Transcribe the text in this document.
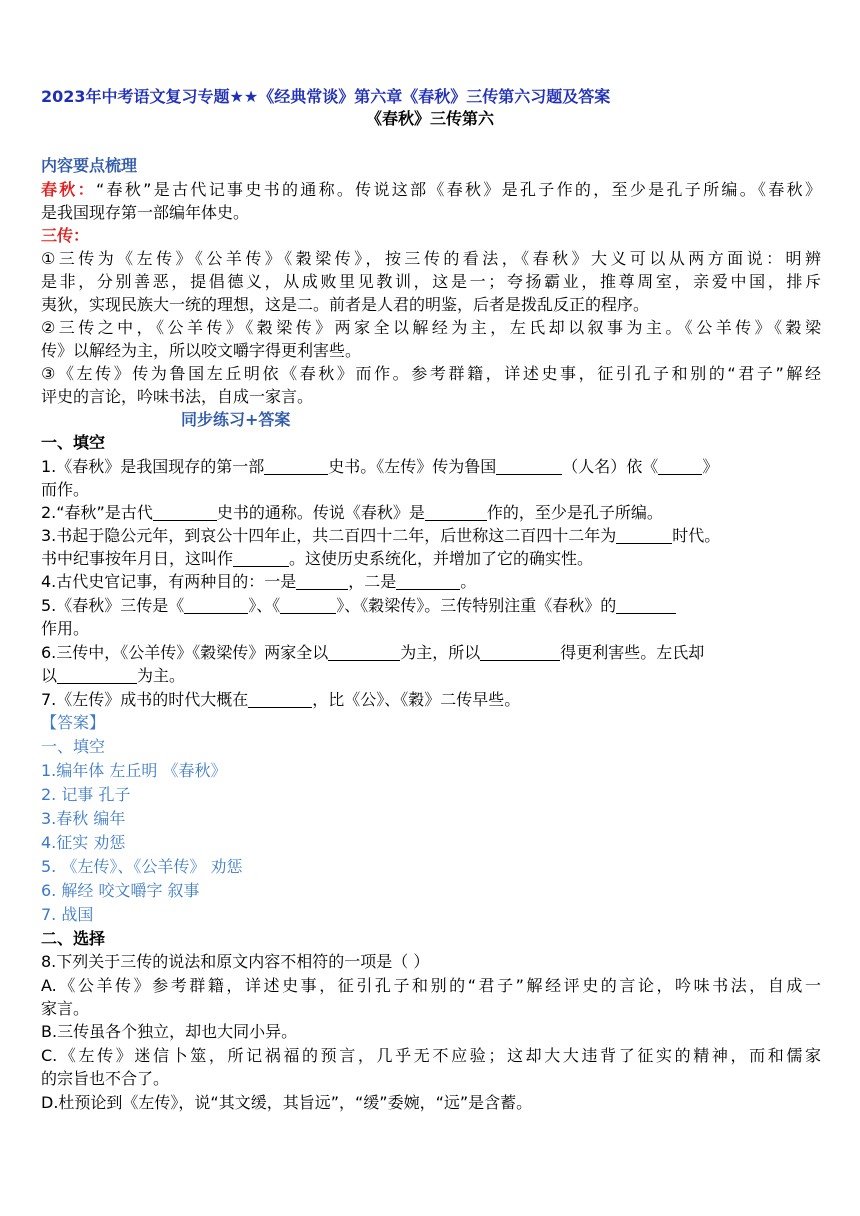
2023年中考语文复习专题★★《经典常谈》第六章《春秋》三传第六习题及答案
《春秋》三传第六
内容要点梳理
春秋：“春秋”是古代记事史书的通称。传说这部《春秋》是孔子作的，至少是孔子所编。《春秋》
是我国现存第一部编年体史。
三传：
①三传为《左传》《公羊传》《穀梁传》，按三传的看法，《春秋》大义可以从两方面说：明辨
是非，分别善恶，提倡德义，从成败里见教训，这是一；夸扬霸业，推尊周室，亲爱中国，排斥
夷狄，实现民族大一统的理想，这是二。前者是人君的明鉴，后者是拨乱反正的程序。
②三传之中，《公羊传》《穀梁传》两家全以解经为主，左氏却以叙事为主。《公羊传》《穀梁
传》以解经为主，所以咬文嚼字得更利害些。
③《左传》传为鲁国左丘明依《春秋》而作。参考群籍，详述史事，征引孔子和别的“君子”解经
评史的言论，吟味书法，自成一家言。
同步练习+答案
一、填空
1.《春秋》是我国现存的第一部	史书。《左传》传为鲁国	（人名）依《	》
而作。
2.“春秋”是古代	史书的通称。传说《春秋》是	作的，至少是孔子所编。
3.书起于隐公元年，到哀公十四年止，共二百四十二年，后世称这二百四十二年为	时代。
书中纪事按年月日，这叫作	。这使历史系统化，并增加了它的确实性。
4.古代史官记事，有两种目的：一是	，二是	。
5.《春秋》三传是《	》、《	》、《穀梁传》。三传特别注重《春秋》的
作用。
6.三传中，《公羊传》《穀梁传》两家全以	为主，所以	得更利害些。左氏却
以	为主。
7.《左传》成书的时代大概在	，比《公》、《穀》二传早些。
【答案】
一、填空
1.编年体 左丘明 《春秋》
2. 记事 孔子
3.春秋 编年
4.征实 劝惩
5. 《左传》、《公羊传》 劝惩
6. 解经 咬文嚼字 叙事
7. 战国
二、选择
8.下列关于三传的说法和原文内容不相符的一项是（ ）
A.《公羊传》参考群籍，详述史事，征引孔子和别的“君子”解经评史的言论，吟味书法，自成一
家言。
B.三传虽各个独立，却也大同小异。
C.《左传》迷信卜筮，所记祸福的预言，几乎无不应验；这却大大违背了征实的精神，而和儒家
的宗旨也不合了。
D.杜预论到《左传》，说“其文缓，其旨远”，“缓”委婉，“远”是含蓄。
